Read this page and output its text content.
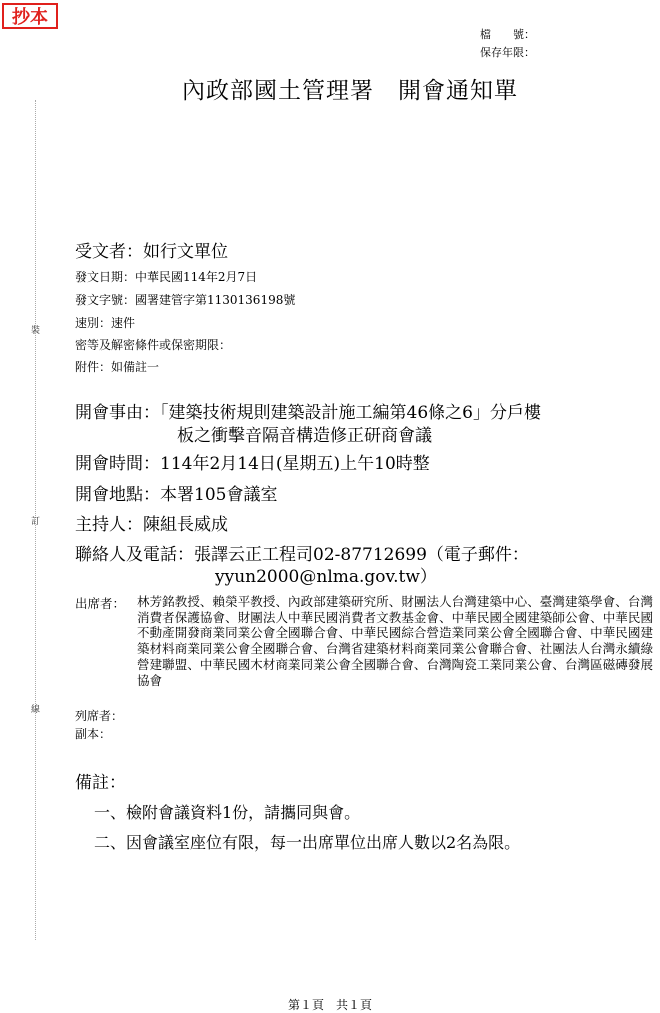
抄本
檔　　號：
保存年限：
內政部國土管理署　開會通知單
裝
訂
線
受文者：如行文單位
發文日期：中華民國114年2月7日
發文字號：國署建管字第1130136198號
速別：速件
密等及解密條件或保密期限：
附件：如備註一
開會事由：「建築技術規則建築設計施工編第46條之6」分戶樓
板之衝擊音隔音構造修正研商會議
開會時間：114年2月14日(星期五)上午10時整
開會地點：本署105會議室
主持人：陳組長威成
聯絡人及電話：張譯云正工程司02-87712699（電子郵件：
yyun2000@nlma.gov.tw）
出席者： 林芳銘教授、賴榮平教授、內政部建築研究所、財團法人台灣建築中心、臺灣建築學會、台灣消費者保護協會、財團法人中華民國消費者文教基金會、中華民國全國建築師公會、中華民國不動產開發商業同業公會全國聯合會、中華民國綜合營造業同業公會全國聯合會、中華民國建築材料商業同業公會全國聯合會、台灣省建築材料商業同業公會聯合會、社團法人台灣永續綠營建聯盟、中華民國木材商業同業公會全國聯合會、台灣陶瓷工業同業公會、台灣區磁磚發展協會
列席者：
副本：
備註：
一、檢附會議資料1份，請攜同與會。
二、因會議室座位有限，每一出席單位出席人數以2名為限。
第１頁　共１頁
